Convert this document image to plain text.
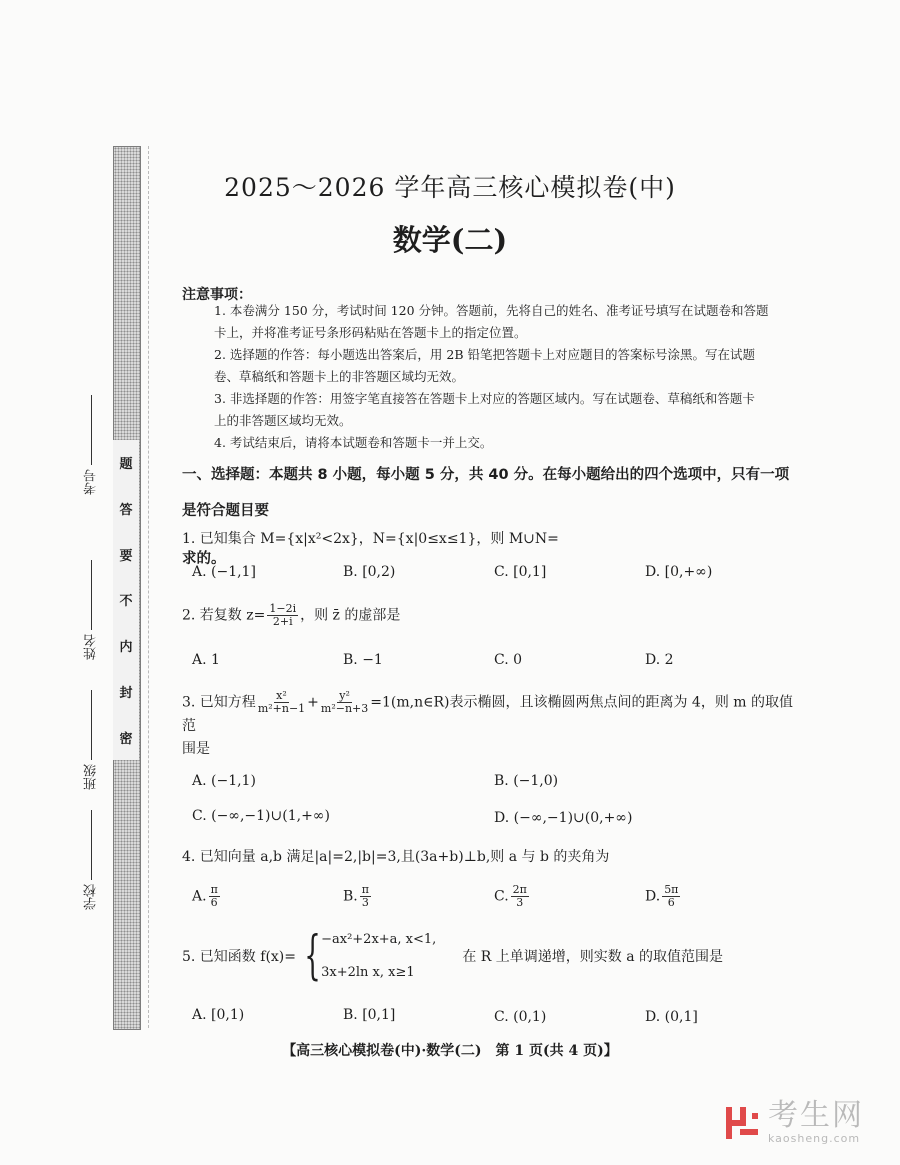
题
答
要
不
内
封
密
考号
姓名
班级
学校
2025～2026 学年高三核心模拟卷(中)
数学(二)
注意事项：
1. 本卷满分 150 分，考试时间 120 分钟。答题前，先将自己的姓名、准考证号填写在试题卷和答题
卡上，并将准考证号条形码粘贴在答题卡上的指定位置。
2. 选择题的作答：每小题选出答案后，用 2B 铅笔把答题卡上对应题目的答案标号涂黑。写在试题
卷、草稿纸和答题卡上的非答题区域均无效。
3. 非选择题的作答：用签字笔直接答在答题卡上对应的答题区域内。写在试题卷、草稿纸和答题卡
上的非答题区域均无效。
4. 考试结束后，请将本试题卷和答题卡一并上交。
一、选择题：本题共 8 小题，每小题 5 分，共 40 分。在每小题给出的四个选项中，只有一项是符合题目要
求的。
1. 已知集合 M={x|x²<2x}，N={x|0≤x≤1}，则 M∪N=
A. (−1,1]	B. [0,2)	C. [0,1]	D. [0,+∞)
2. 若复数 $z= \frac{1-2i}{2+i}$ ，则 z̄ 的虚部是
A. 1	B. −1	C. 0	D. 2
3. 已知方程 $\frac{\text{x²}}{\text{m²+n−1}} + \frac{\text{y²}}{\text{m²−n+3}}$ =1(m,n∈R)表示椭圆，且该椭圆两焦点间的距离为 4，则 m 的取值范
围是
A. (−1,1)	B. (−1,0)
C. (−∞,−1)∪(1,+∞)	D. (−∞,−1)∪(0,+∞)
4. 已知向量 a,b 满足|a|=2,|b|=3,且(3a+b)⊥b,则 a 与 b 的夹角为
A. $\frac{\pi}{6}$	B. $\frac{\pi}{3}$	C. $\frac{2\pi}{3}$	D. $\frac{5\pi}{6}$
5. 已知函数 f(x)= { −ax²+2x+a, x<1,
3x+2ln x, x≥1
在 R 上单调递增，则实数 a 的取值范围是
A. [0,1)	B. [0,1]	C. (0,1)	D. (0,1]
【高三核心模拟卷(中)·数学(二)　第 1 页(共 4 页)】
考生网
kaosheng.com
